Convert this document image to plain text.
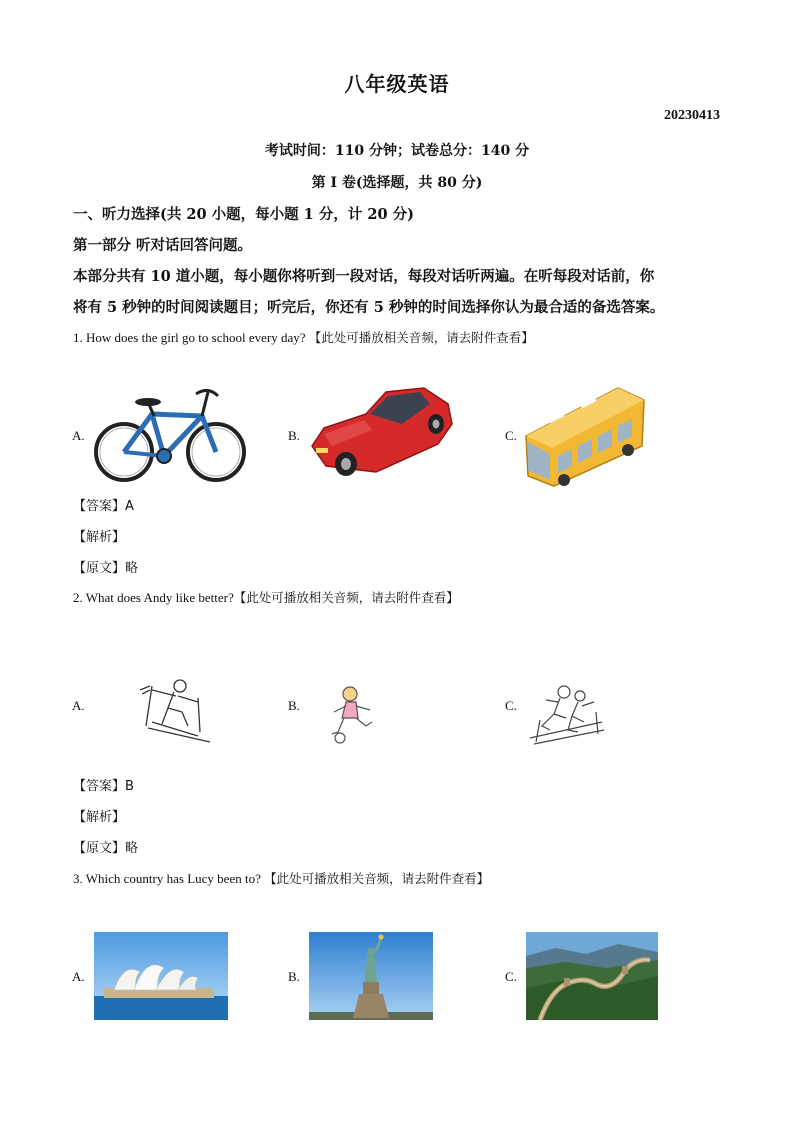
八年级英语
20230413
考试时间：110 分钟；试卷总分：140 分
第 I 卷(选择题，共 80 分)
一、听力选择(共 20 小题，每小题 1 分，计 20 分)
第一部分 听对话回答问题。
本部分共有 10 道小题，每小题你将听到一段对话，每段对话听两遍。在听每段对话前，你
将有 5 秒钟的时间阅读题目；听完后，你还有 5 秒钟的时间选择你认为最合适的备选答案。
1. How does the girl go to school every day? 【此处可播放相关音频，请去附件查看】
A.	B.	C.
【答案】A
【解析】
【原文】略
2. What does Andy like better?【此处可播放相关音频，请去附件查看】
A.	B.	C.
【答案】B
【解析】
【原文】略
3. Which country has Lucy been to? 【此处可播放相关音频，请去附件查看】
A.	B.	C.
